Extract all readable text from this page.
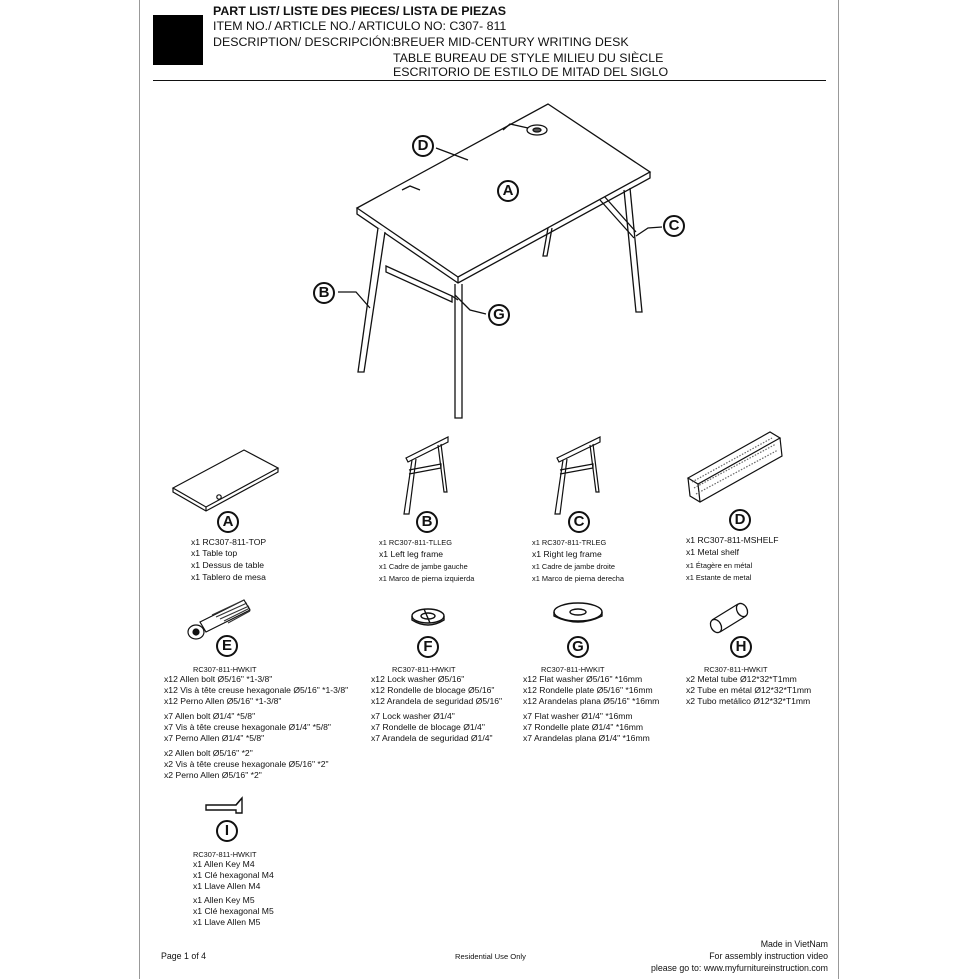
PART LIST/ LISTE DES PIECES/ LISTA DE PIEZAS
ITEM NO./ ARTICLE NO./ ARTICULO NO: C307- 811
DESCRIPTION/ DESCRIPCIÓN:
BREUER MID-CENTURY WRITING DESK
TABLE BUREAU DE STYLE MILIEU DU SIÈCLE
ESCRITORIO DE ESTILO DE MITAD DEL SIGLO
D
A
C
B
G
A
x1 RC307-811-TOP
x1 Table top
x1 Dessus de table
x1 Tablero de mesa
B
x1 RC307-811-TLLEG
x1 Left leg frame
x1 Cadre de jambe gauche
x1 Marco de pierna izquierda
C
x1 RC307-811-TRLEG
x1 Right leg frame
x1 Cadre de jambe droite
x1 Marco de pierna derecha
D
x1 RC307-811-MSHELF
x1 Metal shelf
x1 Étagère en métal
x1 Estante de metal
E
RC307-811-HWKIT
x12 Allen bolt Ø5/16" *1-3/8"
x12 Vis à tête creuse hexagonale Ø5/16" *1-3/8"
x12 Perno Allen Ø5/16" *1-3/8"
x7 Allen bolt Ø1/4" *5/8"
x7 Vis à tête creuse hexagonale Ø1/4" *5/8"
x7 Perno Allen Ø1/4" *5/8"
x2 Allen bolt Ø5/16" *2"
x2 Vis à tête creuse hexagonale Ø5/16" *2"
x2 Perno Allen Ø5/16" *2"
F
RC307-811-HWKIT
x12 Lock washer Ø5/16"
x12 Rondelle de blocage Ø5/16"
x12 Arandela de seguridad Ø5/16"
x7 Lock washer Ø1/4"
x7 Rondelle de blocage Ø1/4"
x7 Arandela de seguridad Ø1/4"
G
RC307-811-HWKIT
x12 Flat washer Ø5/16" *16mm
x12 Rondelle plate Ø5/16" *16mm
x12 Arandelas plana Ø5/16" *16mm
x7 Flat washer Ø1/4" *16mm
x7 Rondelle plate Ø1/4" *16mm
x7 Arandelas plana Ø1/4" *16mm
H
RC307-811-HWKIT
x2 Metal tube Ø12*32*T1mm
x2 Tube en métal Ø12*32*T1mm
x2 Tubo metálico Ø12*32*T1mm
I
RC307-811-HWKIT
x1 Allen Key M4
x1 Clé hexagonal M4
x1 Llave Allen M4
x1 Allen Key M5
x1 Clé hexagonal M5
x1 Llave Allen M5
Page 1 of 4	Residential Use Only
Made in VietNam
For assembly instruction video
please go to: www.myfurnitureinstruction.com
